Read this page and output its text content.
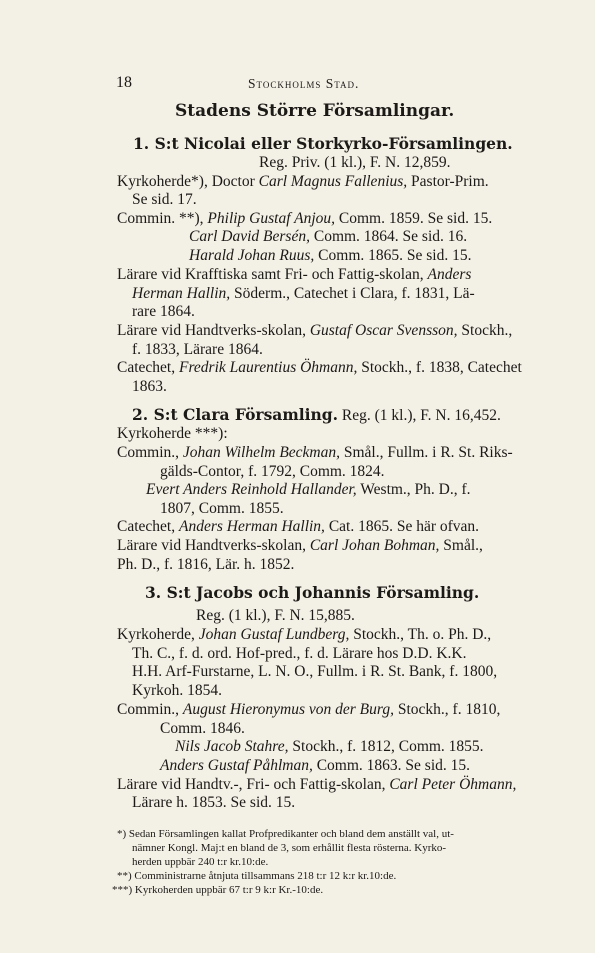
18	Stockholms Stad.
Stadens Större Församlingar.
1. S:t Nicolai eller Storkyrko-Församlingen.
Reg. Priv. (1 kl.), F. N. 12,859.
Kyrkoherde*), Doctor Carl Magnus Fallenius, Pastor-Prim.
Se sid. 17.
Commin. **), Philip Gustaf Anjou, Comm. 1859. Se sid. 15.
Carl David Bersén, Comm. 1864. Se sid. 16.
Harald Johan Ruus, Comm. 1865. Se sid. 15.
Lärare vid Krafftiska samt Fri- och Fattig-skolan, Anders
Herman Hallin, Söderm., Catechet i Clara, f. 1831, Lä-
rare 1864.
Lärare vid Handtverks-skolan, Gustaf Oscar Svensson, Stockh.,
f. 1833, Lärare 1864.
Catechet, Fredrik Laurentius Öhmann, Stockh., f. 1838, Catechet
1863.
2. S:t Clara Församling. Reg. (1 kl.), F. N. 16,452.
Kyrkoherde ***):
Commin., Johan Wilhelm Beckman, Smål., Fullm. i R. St. Riks-
gälds-Contor, f. 1792, Comm. 1824.
Evert Anders Reinhold Hallander, Westm., Ph. D., f.
1807, Comm. 1855.
Catechet, Anders Herman Hallin, Cat. 1865. Se här ofvan.
Lärare vid Handtverks-skolan, Carl Johan Bohman, Smål.,
Ph. D., f. 1816, Lär. h. 1852.
3. S:t Jacobs och Johannis Församling.
Reg. (1 kl.), F. N. 15,885.
Kyrkoherde, Johan Gustaf Lundberg, Stockh., Th. o. Ph. D.,
Th. C., f. d. ord. Hof-pred., f. d. Lärare hos D.D. K.K.
H.H. Arf-Furstarne, L. N. O., Fullm. i R. St. Bank, f. 1800,
Kyrkoh. 1854.
Commin., August Hieronymus von der Burg, Stockh., f. 1810,
Comm. 1846.
Nils Jacob Stahre, Stockh., f. 1812, Comm. 1855.
Anders Gustaf Påhlman, Comm. 1863. Se sid. 15.
Lärare vid Handtv.-, Fri- och Fattig-skolan, Carl Peter Öhmann,
Lärare h. 1853. Se sid. 15.
*) Sedan Församlingen kallat Profpredikanter och bland dem anställt val, ut-
nämner Kongl. Maj:t en bland de 3, som erhållit flesta rösterna. Kyrko-
herden uppbär 240 t:r kr.10:de.
**) Comministrarne åtnjuta tillsammans 218 t:r 12 k:r kr.10:de.
***) Kyrkoherden uppbär 67 t:r 9 k:r Kr.-10:de.
